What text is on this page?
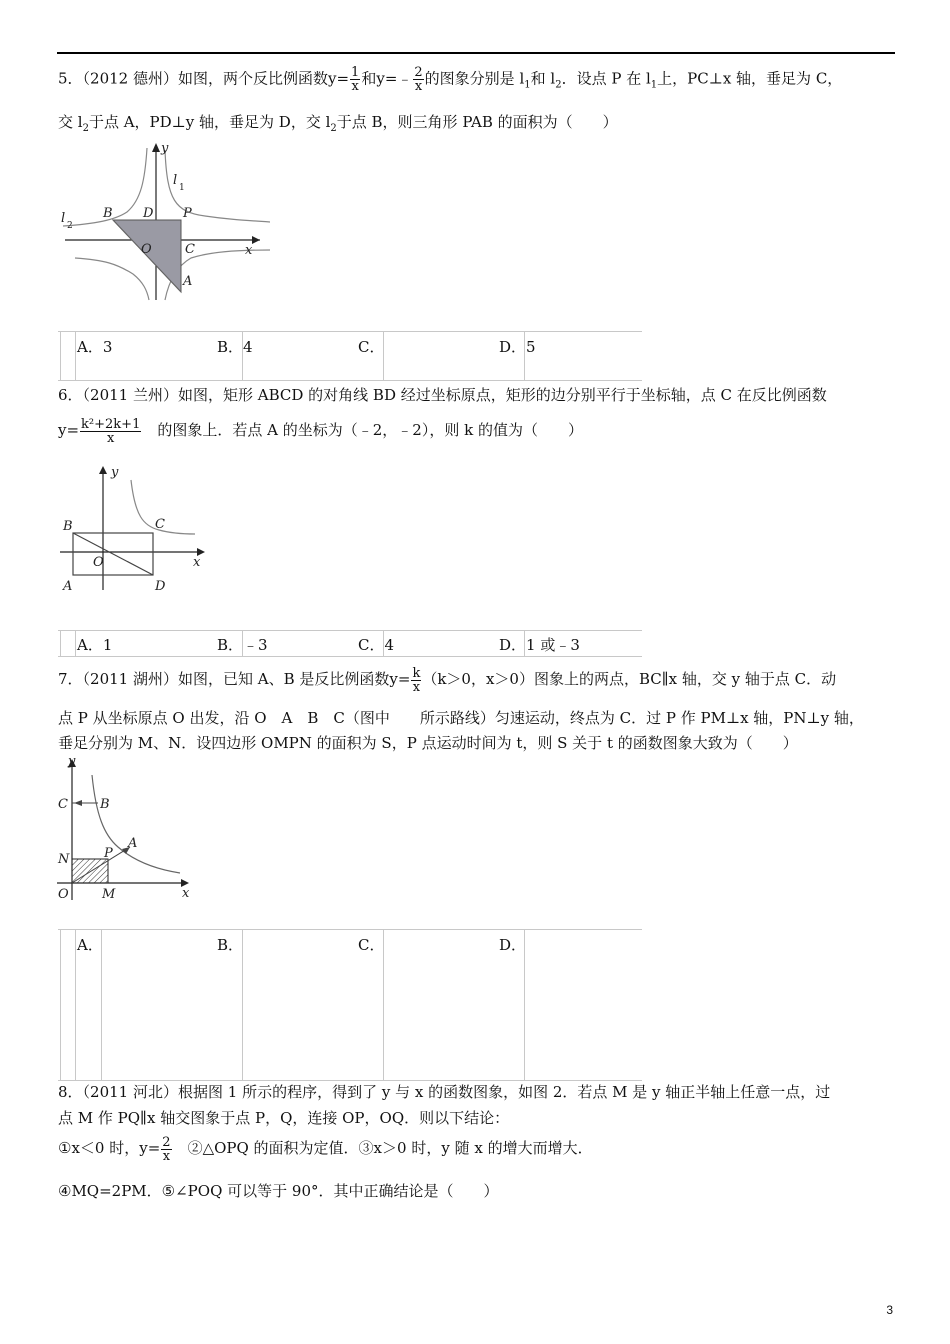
5．（2012 德州）如图，两个反比例函数$y= \frac{1}{x}$ 和y=﹣ $\frac{2}{x}$ 的图象分别是 $l_1$和 $l_2$．设点 P 在 $l_1$上，PC⊥x 轴，垂足为 C，
交 $l_2$于点 A，PD⊥y 轴，垂足为 D，交 $l_2$于点 B，则三角形 PAB 的面积为（　　）
x
y
l 1
l 2
B D P
O	C
A
A．3	B．4	C．	D．5
6．（2011 兰州）如图，矩形 ABCD 的对角线 BD 经过坐标原点，矩形的边分别平行于坐标轴，点 C 在反比例函数
$y= \frac{\text{k²+2k+1}}{x}$
　 的图象上．若点 A 的坐标为（﹣2，﹣2），则 k 的值为（　　）
x
y
B	C
O
A	D
A．1	B．﹣3	C．4	D．1 或﹣3
7．（2011 湖州）如图，已知 A、B 是反比例函数$y= \frac{k}{x} (k>0$，x＞0）图象上的两点，BC∥x 轴，交 y 轴于点 C．动
点 P 从坐标原点 O 出发，沿 O　A　B　C（图中　　所示路线）匀速运动，终点为 C．过 P 作 PM⊥x 轴，PN⊥y 轴，
垂足分别为 M、N．设四边形 OMPN 的面积为 S，P 点运动时间为 t，则 S 关于 t 的函数图象大致为（　　）
x
y
C B
A
N	P
O	M
A．	B．	C．	D．
8．（2011 河北）根据图 1 所示的程序，得到了 y 与 x 的函数图象，如图 2．若点 M 是 y 轴正半轴上任意一点，过
点 M 作 PQ∥x 轴交图象于点 P，Q，连接 OP，OQ．则以下结论：
①x＜0 时，$y= \frac{2}{x}$
　 ②△OPQ 的面积为定值．③x＞0 时，y 随 x 的增大而增大．
④MQ=2PM．⑤∠POQ 可以等于 90°．其中正确结论是（　　）
3
